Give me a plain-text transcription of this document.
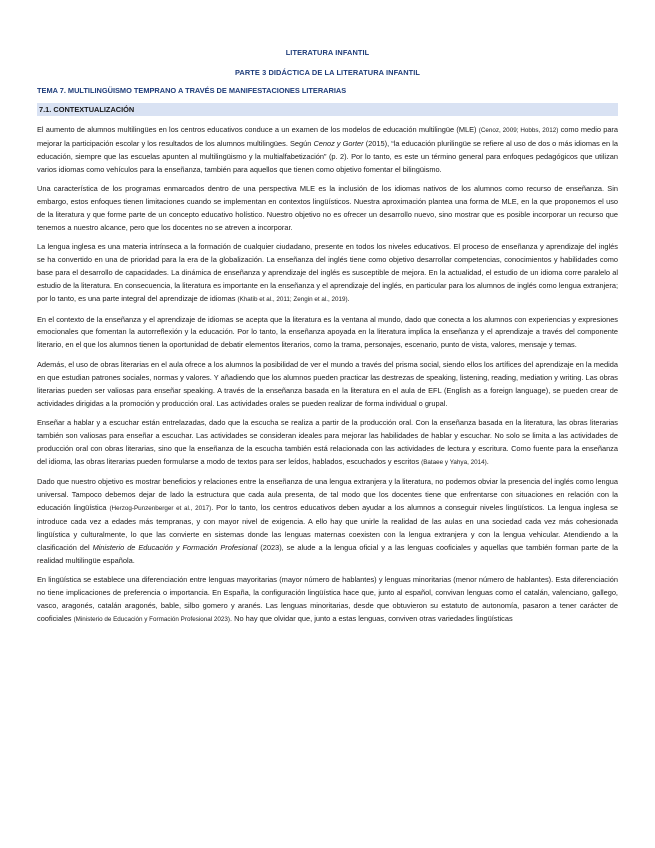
LITERATURA INFANTIL
PARTE 3 DIDÁCTICA DE LA LITERATURA INFANTIL
TEMA 7. MULTILINGÜISMO TEMPRANO A TRAVÉS DE MANIFESTACIONES LITERARIAS
7.1. CONTEXTUALIZACIÓN

El aumento de alumnos multilingües en los centros educativos conduce a un examen de los modelos de educación multilingüe (MLE) (Cenoz, 2009; Hobbs, 2012) como medio para mejorar la participación escolar y los resultados de los alumnos multilingües. Según Cenoz y Gorter (2015), “la educación plurilingüe se refiere al uso de dos o más idiomas en la educación, siempre que las escuelas apunten al multilingüismo y la multialfabetización” (p. 2). Por lo tanto, es este un término general para enfoques pedagógicos que utilizan varios idiomas como vehículos para la enseñanza, también para aquellos que tienen como objetivo fomentar el bilingüismo.

Una característica de los programas enmarcados dentro de una perspectiva MLE es la inclusión de los idiomas nativos de los alumnos como recurso de enseñanza. Sin embargo, estos enfoques tienen limitaciones cuando se implementan en contextos lingüísticos. Nuestra aproximación plantea una forma de MLE, en la que proponemos el uso de la literatura y que forme parte de un concepto educativo holístico. Nuestro objetivo no es ofrecer un desarrollo nuevo, sino mostrar que es posible incorporar un recurso que tenemos a nuestro alcance, pero que los docentes no se atreven a incorporar.

La lengua inglesa es una materia intrínseca a la formación de cualquier ciudadano, presente en todos los niveles educativos. El proceso de enseñanza y aprendizaje del inglés se ha convertido en una de prioridad para la era de la globalización. La enseñanza del inglés tiene como objetivo desarrollar competencias, conocimientos y habilidades como base para el desarrollo de capacidades. La dinámica de enseñanza y aprendizaje del inglés es susceptible de mejora. En la actualidad, el estudio de un idioma corre paralelo al estudio de la literatura. En consecuencia, la literatura es importante en la enseñanza y el aprendizaje del inglés, en particular para los alumnos de inglés como lengua extranjera; por lo tanto, es una parte integral del aprendizaje de idiomas (Khatib et al., 2011; Zengin et al., 2019).

En el contexto de la enseñanza y el aprendizaje de idiomas se acepta que la literatura es la ventana al mundo, dado que conecta a los alumnos con experiencias y expresiones emocionales que fomentan la autorreflexión y la educación. Por lo tanto, la enseñanza apoyada en la literatura implica la enseñanza y el aprendizaje a través del componente literario, en el que los alumnos tienen la oportunidad de debatir elementos literarios, como la trama, personajes, escenario, punto de vista, valores, mensaje y temas.

Además, el uso de obras literarias en el aula ofrece a los alumnos la posibilidad de ver el mundo a través del prisma social, siendo ellos los artífices del aprendizaje en la medida en que estudian patrones sociales, normas y valores. Y añadiendo que los alumnos pueden practicar las destrezas de speaking, listening, reading, mediation y writing. Las obras literarias pueden ser valiosas para enseñar speaking. A través de la enseñanza basada en la literatura en el aula de EFL (English as a foreign language), se pueden crear de actividades dirigidas a la promoción y producción oral. Las actividades orales se pueden realizar de forma individual o grupal.

Enseñar a hablar y a escuchar están entrelazadas, dado que la escucha se realiza a partir de la producción oral. Con la enseñanza basada en la literatura, las obras literarias también son valiosas para enseñar a escuchar. Las actividades se consideran ideales para mejorar las habilidades de hablar y escuchar. No solo se limita a las actividades de producción oral con obras literarias, sino que la enseñanza de la escucha también está relacionada con las actividades de lectura y escritura. Como fuente para la enseñanza del idioma, las obras literarias pueden formularse a modo de textos para ser leídos, hablados, escuchados y escritos (Bataee y Yahya, 2014).

Dado que nuestro objetivo es mostrar beneficios y relaciones entre la enseñanza de una lengua extranjera y la literatura, no podemos obviar la presencia del inglés como lengua universal. Tampoco debemos dejar de lado la estructura que cada aula presenta, de tal modo que los docentes tiene que enfrentarse con situaciones en relación con la educación lingüística (Herzog-Punzenberger et al., 2017). Por lo tanto, los centros educativos deben ayudar a los alumnos a conseguir niveles lingüísticos. La lengua inglesa se introduce cada vez a edades más tempranas, y con mayor nivel de exigencia. A ello hay que unirle la realidad de las aulas en una sociedad cada vez más cohesionada lingüística y culturalmente, lo que las convierte en sistemas donde las lenguas maternas coexisten con la lengua extranjera y con la lengua vehicular. Atendiendo a la clasificación del Ministerio de Educación y Formación Profesional (2023), se alude a la lengua oficial y a las lenguas cooficiales y aquellas que también forman parte de la realidad multilingüe española.

En lingüística se establece una diferenciación entre lenguas mayoritarias (mayor número de hablantes) y lenguas minoritarias (menor número de hablantes). Esta diferenciación no tiene implicaciones de preferencia o importancia. En España, la configuración lingüística hace que, junto al español, convivan lenguas como el catalán, valenciano, gallego, vasco, aragonés, catalán aragonés, bable, silbo gomero y aranés. Las lenguas minoritarias, desde que obtuvieron su estatuto de autonomía, pasaron a tener carácter de cooficiales (Ministerio de Educación y Formación Profesional 2023). No hay que olvidar que, junto a estas lenguas, conviven otras variedades lingüísticas
